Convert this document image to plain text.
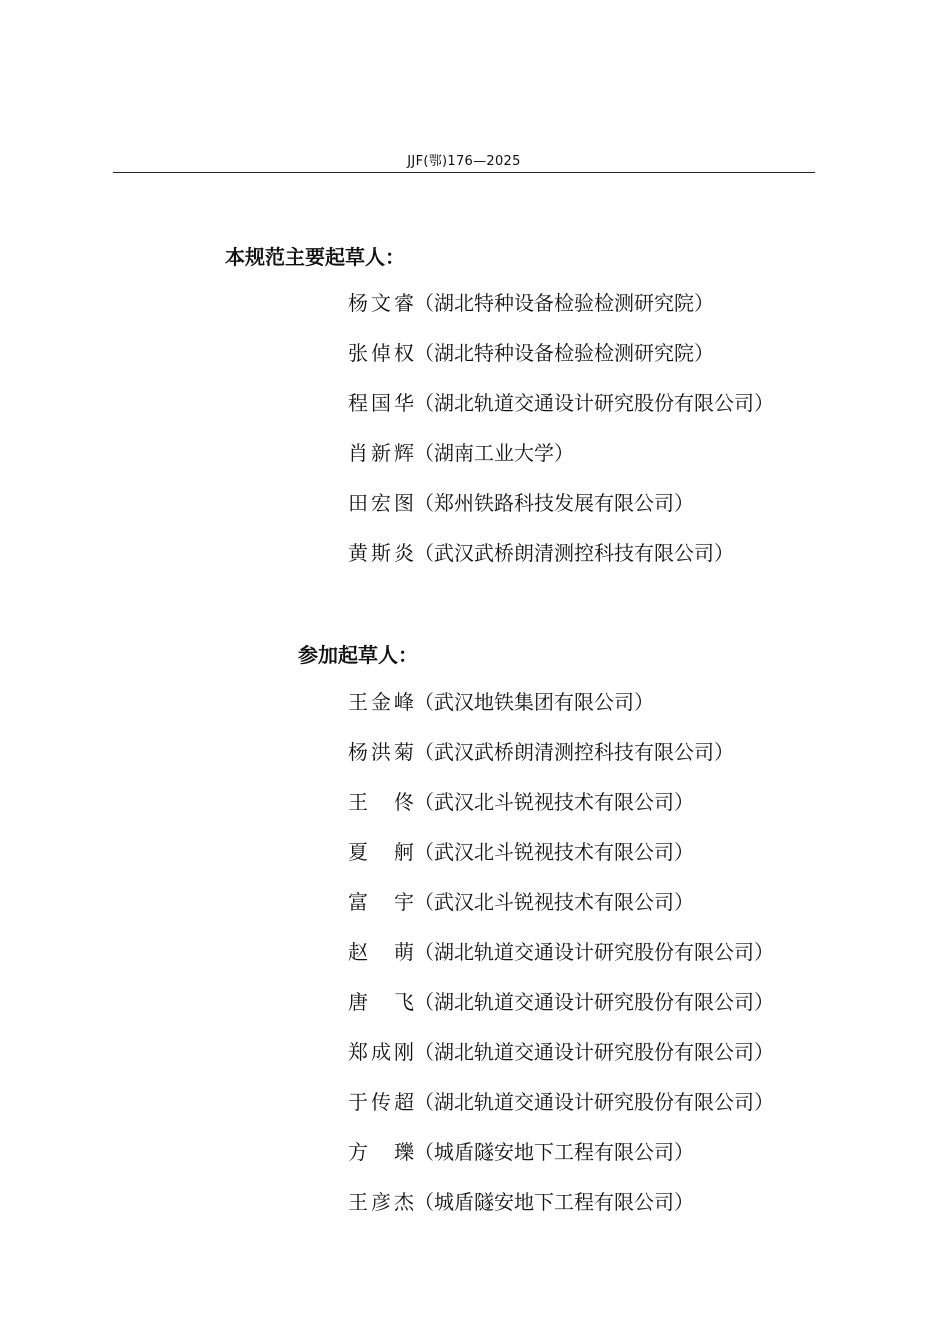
JJF(鄂)176—2025
本规范主要起草人：
杨文睿（湖北特种设备检验检测研究院）
张倬权（湖北特种设备检验检测研究院）
程国华（湖北轨道交通设计研究股份有限公司）
肖新辉（湖南工业大学）
田宏图（郑州铁路科技发展有限公司）
黄斯炎（武汉武桥朗清测控科技有限公司）
参加起草人：
王金峰（武汉地铁集团有限公司）
杨洪菊（武汉武桥朗清测控科技有限公司）
王 佟（武汉北斗锐视技术有限公司）
夏 舸（武汉北斗锐视技术有限公司）
富 宇（武汉北斗锐视技术有限公司）
赵 萌（湖北轨道交通设计研究股份有限公司）
唐 飞（湖北轨道交通设计研究股份有限公司）
郑成刚（湖北轨道交通设计研究股份有限公司）
于传超（湖北轨道交通设计研究股份有限公司）
方 瓅（城盾隧安地下工程有限公司）
王彦杰（城盾隧安地下工程有限公司）
